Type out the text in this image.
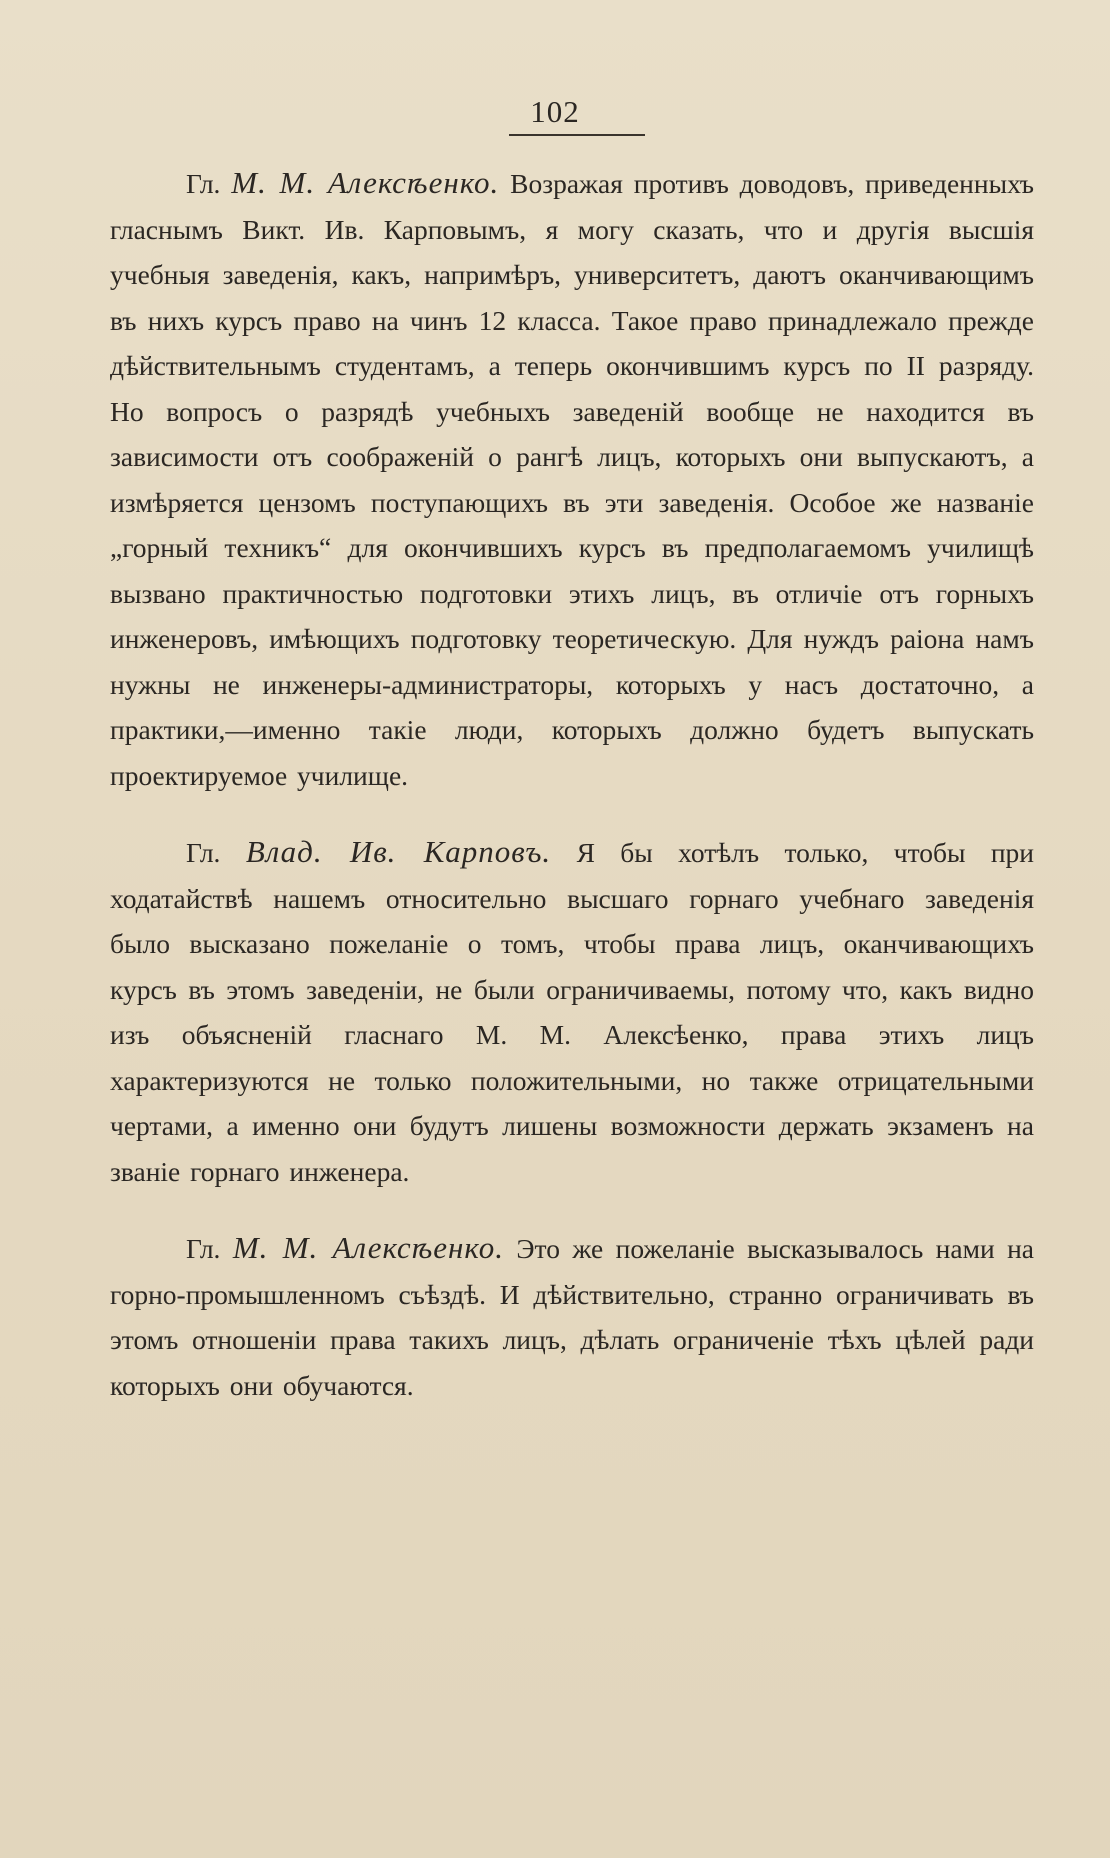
102

Гл. М. М. Алексѣенко. Возражая противъ доводовъ, приведенныхъ гласнымъ Викт. Ив. Карповымъ, я могу сказать, что и другія высшія учебныя заведенія, какъ, напримѣръ, университетъ, даютъ оканчивающимъ въ нихъ курсъ право на чинъ 12 класса. Такое право принадлежало прежде дѣйствительнымъ студентамъ, а теперь окончившимъ курсъ по II разряду. Но вопросъ о разрядѣ учебныхъ заведеній вообще не находится въ зависимости отъ соображеній о рангѣ лицъ, которыхъ они выпускаютъ, а измѣряется цензомъ поступающихъ въ эти заведенія. Особое же названіе „горный техникъ“ для окончившихъ курсъ въ предполагаемомъ училищѣ вызвано практичностью подготовки этихъ лицъ, въ отличіе отъ горныхъ инженеровъ, имѣющихъ подготовку теоретическую. Для нуждъ раіона намъ нужны не инженеры-администраторы, которыхъ у насъ достаточно, а практики,—именно такіе люди, которыхъ должно будетъ выпускать проектируемое училище.

Гл. Влад. Ив. Карповъ. Я бы хотѣлъ только, чтобы при ходатайствѣ нашемъ относительно высшаго горнаго учебнаго заведенія было высказано пожеланіе о томъ, чтобы права лицъ, оканчивающихъ курсъ въ этомъ заведеніи, не были ограничиваемы, потому что, какъ видно изъ объясненій гласнаго М. М. Алексѣенко, права этихъ лицъ характеризуются не только положительными, но также отрицательными чертами, а именно они будутъ лишены возможности держать экзаменъ на званіе горнаго инженера.

Гл. М. М. Алексѣенко. Это же пожеланіе высказывалось нами на горно-промышленномъ съѣздѣ. И дѣйствительно, странно ограничивать въ этомъ отношеніи права такихъ лицъ, дѣлать ограниченіе тѣхъ цѣлей ради которыхъ они обучаются.
